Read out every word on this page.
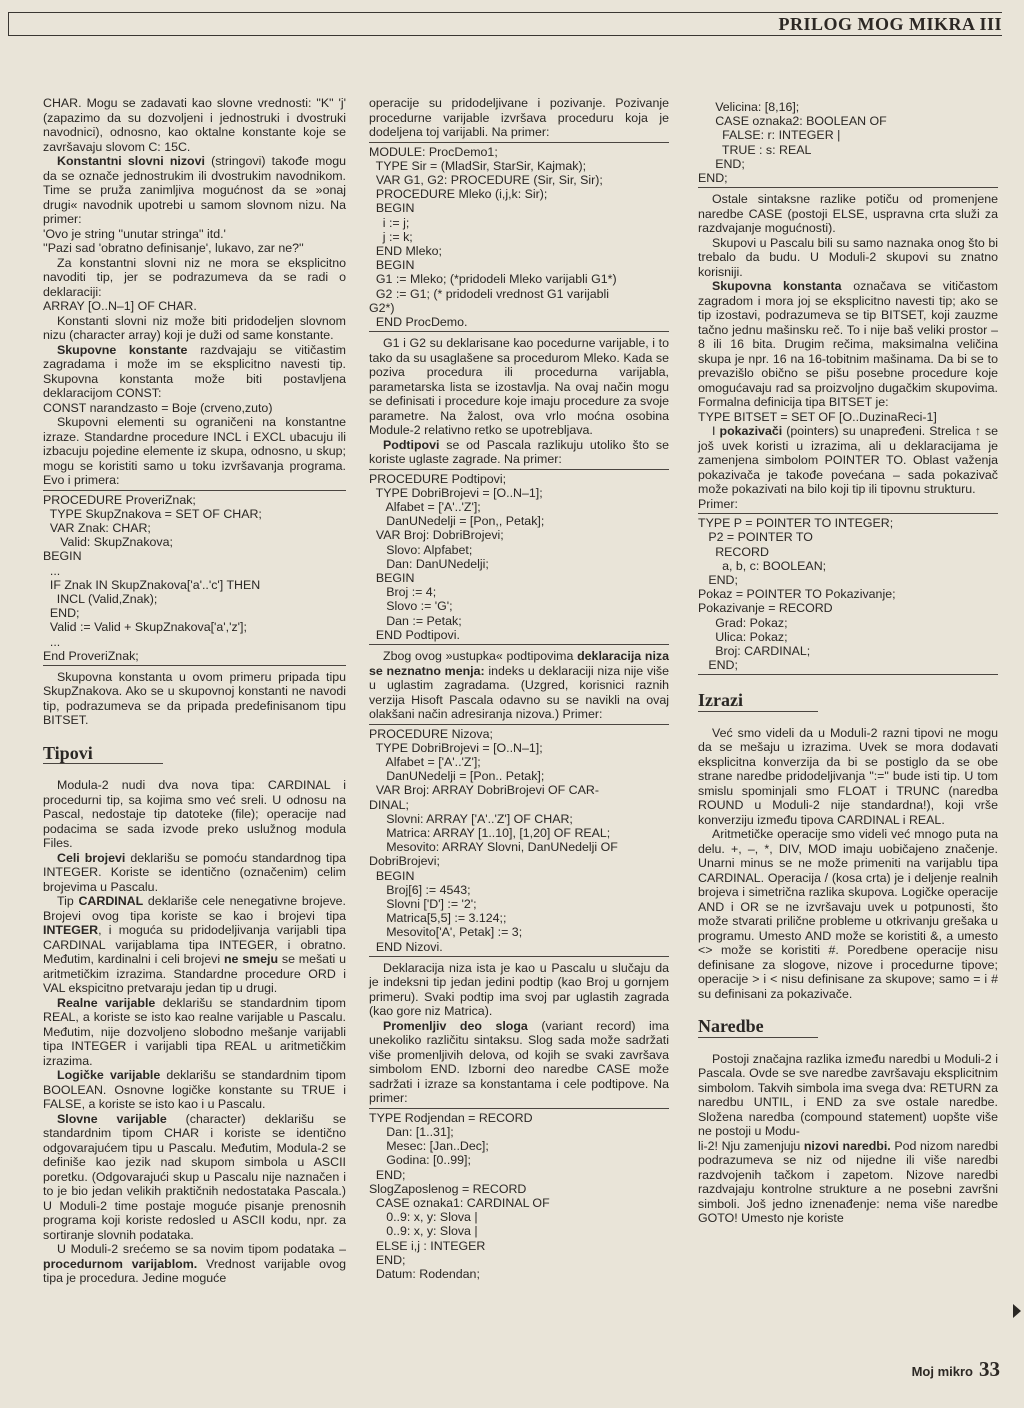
PRILOG MOG MIKRA III

CHAR. Mogu se zadavati kao slovne vrednosti: "K" 'j' (zapazimo da su dozvoljeni i jednostruki i dvostruki navodnici), odnosno, kao oktalne konstante koje se završavaju slovom C: 15C.

Konstantni slovni nizovi (stringovi) takođe mogu da se označe jednostrukim ili dvostrukim navodnikom. Time se pruža zanimljiva mogućnost da se »onaj drugi« navodnik upotrebi u samom slovnom nizu. Na primer:

'Ovo je string ''unutar stringa'' itd.'

''Pazi sad 'obratno definisanje', lukavo, zar ne?''

Za konstantni slovni niz ne mora se eksplicitno navoditi tip, jer se podrazumeva da se radi o deklaraciji:

ARRAY [O..N–1] OF CHAR.

Konstanti slovni niz može biti pridodeljen slovnom nizu (character array) koji je duži od same konstante.

Skupovne konstante razdvajaju se vitičastim zagradama i može im se eksplicitno navesti tip. Skupovna konstanta može biti postavljena deklaracijom CONST:

CONST narandzasto = Boje (crveno,zuto)

Skupovni elementi su ograničeni na konstantne izraze. Standardne procedure INCL i EXCL ubacuju ili izbacuju pojedine elemente iz skupa, odnosno, u skup; mogu se koristiti samo u toku izvršavanja programa. Evo i primera:

PROCEDURE ProveriZnak;
TYPE SkupZnakova = SET OF CHAR;
VAR Znak: CHAR;
Valid: SkupZnakova;
BEGIN
...
IF Znak IN SkupZnakova['a'..'c'] THEN
INCL (Valid,Znak);
END;
Valid := Valid + SkupZnakova['a','z'];
...
End ProveriZnak;

Skupovna konstanta u ovom primeru pripada tipu SkupZnakova. Ako se u skupovnoj konstanti ne navodi tip, podrazumeva se da pripada predefinisanom tipu BITSET.

Tipovi

Modula-2 nudi dva nova tipa: CARDINAL i procedurni tip, sa kojima smo već sreli. U odnosu na Pascal, nedostaje tip datoteke (file); operacije nad podacima se sada izvode preko uslužnog modula Files.

Celi brojevi deklarišu se pomoću standardnog tipa INTEGER. Koriste se identično (označenim) celim brojevima u Pascalu.

Tip CARDINAL deklariše cele nenegativne brojeve. Brojevi ovog tipa koriste se kao i brojevi tipa INTEGER, i moguća su pridodeljivanja varijabli tipa CARDINAL varijablama tipa INTEGER, i obratno. Međutim, kardinalni i celi brojevi ne smeju se mešati u aritmetičkim izrazima. Standardne procedure ORD i VAL ekspicitno pretvaraju jedan tip u drugi.

Realne varijable deklarišu se standardnim tipom REAL, a koriste se isto kao realne varijable u Pascalu. Međutim, nije dozvoljeno slobodno mešanje varijabli tipa INTEGER i varijabli tipa REAL u aritmetičkim izrazima.

Logičke varijable deklarišu se standardnim tipom BOOLEAN. Osnovne logičke konstante su TRUE i FALSE, a koriste se isto kao i u Pascalu.

Slovne varijable (character) deklarišu se standardnim tipom CHAR i koriste se identično odgovarajućem tipu u Pascalu. Međutim, Modula-2 se definiše kao jezik nad skupom simbola u ASCII poretku. (Odgovarajući skup u Pascalu nije naznačen i to je bio jedan velikih praktičnih nedostataka Pascala.) U Moduli-2 time postaje moguće pisanje prenosnih programa koji koriste redosled u ASCII kodu, npr. za sortiranje slovnih podataka.

U Moduli-2 srećemo se sa novim tipom podataka – procedurnom varijablom. Vrednost varijable ovog tipa je procedura. Jedine moguće

operacije su pridodeljivane i pozivanje. Pozivanje procedurne varijable izvršava proceduru koja je dodeljena toj varijabli. Na primer:

MODULE: ProcDemo1;
TYPE Sir = (MladSir, StarSir, Kajmak);
VAR G1, G2: PROCEDURE (Sir, Sir, Sir);
PROCEDURE Mleko (i,j,k: Sir);
BEGIN
i := j;
j := k;
END Mleko;
BEGIN
G1 := Mleko; (*pridodeli Mleko varijabli G1*)
G2 := G1; (* pridodeli vrednost G1 varijabli
G2*)
END ProcDemo.

G1 i G2 su deklarisane kao pocedurne varijable, i to tako da su usaglašene sa procedurom Mleko. Kada se poziva procedura ili procedurna varijabla, parametarska lista se izostavlja. Na ovaj način mogu se definisati i procedure koje imaju procedure za svoje parametre. Na žalost, ova vrlo moćna osobina Module-2 relativno retko se upotrebljava.

Podtipovi se od Pascala razlikuju utoliko što se koriste uglaste zagrade. Na primer:

PROCEDURE Podtipovi;
TYPE DobriBrojevi = [O..N–1];
Alfabet = ['A'..'Z'];
DanUNedelji = [Pon,, Petak];
VAR Broj: DobriBrojevi;
Slovo: Alpfabet;
Dan: DanUNedelji;
BEGIN
Broj := 4;
Slovo := 'G';
Dan := Petak;
END Podtipovi.

Zbog ovog »ustupka« podtipovima deklaracija niza se neznatno menja: indeks u deklaraciji niza nije više u uglastim zagradama. (Uzgred, korisnici raznih verzija Hisoft Pascala odavno su se navikli na ovaj olakšani način adresiranja nizova.) Primer:

PROCEDURE Nizova;
TYPE DobriBrojevi = [O..N–1];
Alfabet = ['A'..'Z'];
DanUNedelji = [Pon.. Petak];
VAR Broj: ARRAY DobriBrojevi OF CAR-
DINAL;
Slovni: ARRAY ['A'..'Z'] OF CHAR;
Matrica: ARRAY [1..10], [1,20] OF REAL;
Mesovito: ARRAY Slovni, DanUNedelji OF
DobriBrojevi;
BEGIN
Broj[6] := 4543;
Slovni ['D'] := '2';
Matrica[5,5] := 3.124;;
Mesovito['A', Petak] := 3;
END Nizovi.

Deklaracija niza ista je kao u Pascalu u slučaju da je indeksni tip jedan jedini podtip (kao Broj u gornjem primeru). Svaki podtip ima svoj par uglastih zagrada (kao gore niz Matrica).

Promenljiv deo sloga (variant record) ima unekoliko različitu sintaksu. Slog sada može sadržati više promenljivih delova, od kojih se svaki završava simbolom END. Izborni deo naredbe CASE može sadržati i izraze sa konstantama i cele podtipove. Na primer:

TYPE Rodjendan = RECORD
Dan: [1..31];
Mesec: [Jan..Dec];
Godina: [0..99];
END;
SlogZaposlenog = RECORD
CASE oznaka1: CARDINAL OF
0..9: x, y: Slova |
0..9: x, y: Slova |
ELSE i,j : INTEGER
END;
Datum: Rodendan;
Velicina: [8,16];
CASE oznaka2: BOOLEAN OF
FALSE: r: INTEGER |
TRUE : s: REAL
END;
END;

Ostale sintaksne razlike potiču od promenjene naredbe CASE (postoji ELSE, uspravna crta služi za razdvajanje mogućnosti).

Skupovi u Pascalu bili su samo naznaka onog što bi trebalo da budu. U Moduli-2 skupovi su znatno korisniji.

Skupovna konstanta označava se vitičastom zagradom i mora joj se eksplicitno navesti tip; ako se tip izostavi, podrazumeva se tip BITSET, koji zauzme tačno jednu mašinsku reč. To i nije baš veliki prostor – 8 ili 16 bita. Drugim rečima, maksimalna veličina skupa je npr. 16 na 16-tobitnim mašinama. Da bi se to prevazišlo obično se pišu posebne procedure koje omogućavaju rad sa proizvoljno dugačkim skupovima. Formalna definicija tipa BITSET je:

TYPE BITSET = SET OF [O..DuzinaReci-1]

I pokazivači (pointers) su unapređeni. Strelica ↑ se još uvek koristi u izrazima, ali u deklaracijama je zamenjena simbolom POINTER TO. Oblast važenja pokazivača je takođe povećana – sada pokazivač može pokazivati na bilo koji tip ili tipovnu strukturu.

Primer:

TYPE P = POINTER TO INTEGER;
P2 = POINTER TO
RECORD
a, b, c: BOOLEAN;
END;
Pokaz = POINTER TO Pokazivanje;
Pokazivanje = RECORD
Grad: Pokaz;
Ulica: Pokaz;
Broj: CARDINAL;
END;
Izrazi

Već smo videli da u Moduli-2 razni tipovi ne mogu da se mešaju u izrazima. Uvek se mora dodavati eksplicitna konverzija da bi se postiglo da se obe strane naredbe pridodeljivanja ":=" bude isti tip. U tom smislu spominjali smo FLOAT i TRUNC (naredba ROUND u Moduli-2 nije standardna!), koji vrše konverziju između tipova CARDINAL i REAL.

Aritmetičke operacije smo videli već mnogo puta na delu. +, –, *, DIV, MOD imaju uobičajeno značenje. Unarni minus se ne može primeniti na varijablu tipa CARDINAL. Operacija / (kosa crta) je i deljenje realnih brojeva i simetrična razlika skupova. Logičke operacije AND i OR se ne izvršavaju uvek u potpunosti, što može stvarati prilične probleme u otkrivanju grešaka u programu. Umesto AND može se koristiti &, a umesto <> može se koristiti #. Poredbene operacije nisu definisane za slogove, nizove i procedurne tipove; operacije > i < nisu definisane za skupove; samo = i # su definisani za pokazivače.

Naredbe

Postoji značajna razlika između naredbi u Moduli-2 i Pascala. Ovde se sve naredbe završavaju eksplicitnim simbolom. Takvih simbola ima svega dva: RETURN za naredbu UNTIL, i END za sve ostale naredbe. Složena naredba (compound statement) uopšte više ne postoji u Modu-

li-2! Nju zamenjuju nizovi naredbi. Pod nizom naredbi podrazumeva se niz od nijedne ili više naredbi razdvojenih tačkom i zapetom. Nizove naredbi razdvajaju kontrolne strukture a ne posebni završni simboli. Još jedno iznenađenje: nema više naredbe GOTO! Umesto nje koriste

Moj mikro 33
